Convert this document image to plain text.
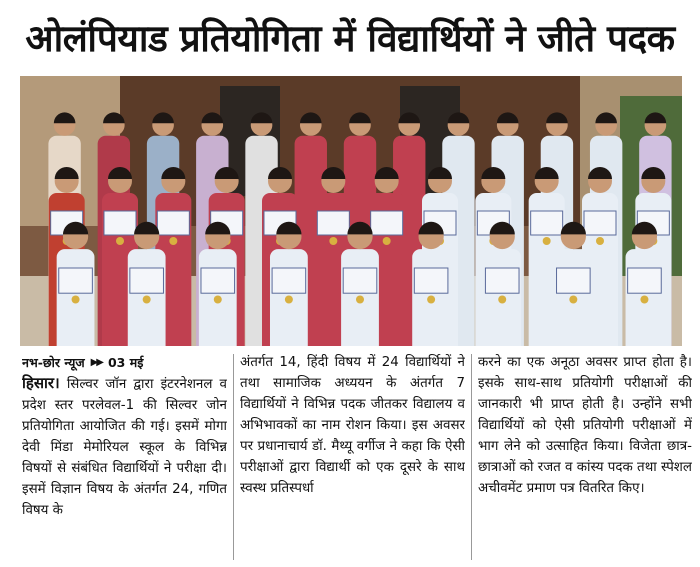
ओलंपियाड प्रतियोगिता में विद्यार्थियों ने जीते पदक
नभ-छोर न्यूज ▶▶ 03 मई

हिसार। सिल्वर जॉन द्वारा इंटरनेशनल व प्रदेश स्तर परलेवल-1 की सिल्वर जोन प्रतियोगिता आयोजित की गई। इसमें मोगा देवी मिंडा मेमोरियल स्कूल के विभिन्न विषयों से संबंधित विद्यार्थियों ने परीक्षा दी। इसमें विज्ञान विषय के अंतर्गत 24, गणित विषय के

अंतर्गत 14, हिंदी विषय में 24 विद्यार्थियों ने तथा सामाजिक अध्ययन के अंतर्गत 7 विद्यार्थियों ने विभिन्न पदक जीतकर विद्यालय व अभिभावकों का नाम रोशन किया। इस अवसर पर प्रधानाचार्य डॉ. मैथ्यू वर्गीज ने कहा कि ऐसी परीक्षाओं द्वारा विद्यार्थी को एक दूसरे के साथ स्वस्थ प्रतिस्पर्धा

करने का एक अनूठा अवसर प्राप्त होता है। इसके साथ-साथ प्रतियोगी परीक्षाओं की जानकारी भी प्राप्त होती है। उन्होंने सभी विद्यार्थियों को ऐसी प्रतियोगी परीक्षाओं में भाग लेने को उत्साहित किया। विजेता छात्र-छात्राओं को रजत व कांस्य पदक तथा स्पेशल अचीवमेंट प्रमाण पत्र वितरित किए।
